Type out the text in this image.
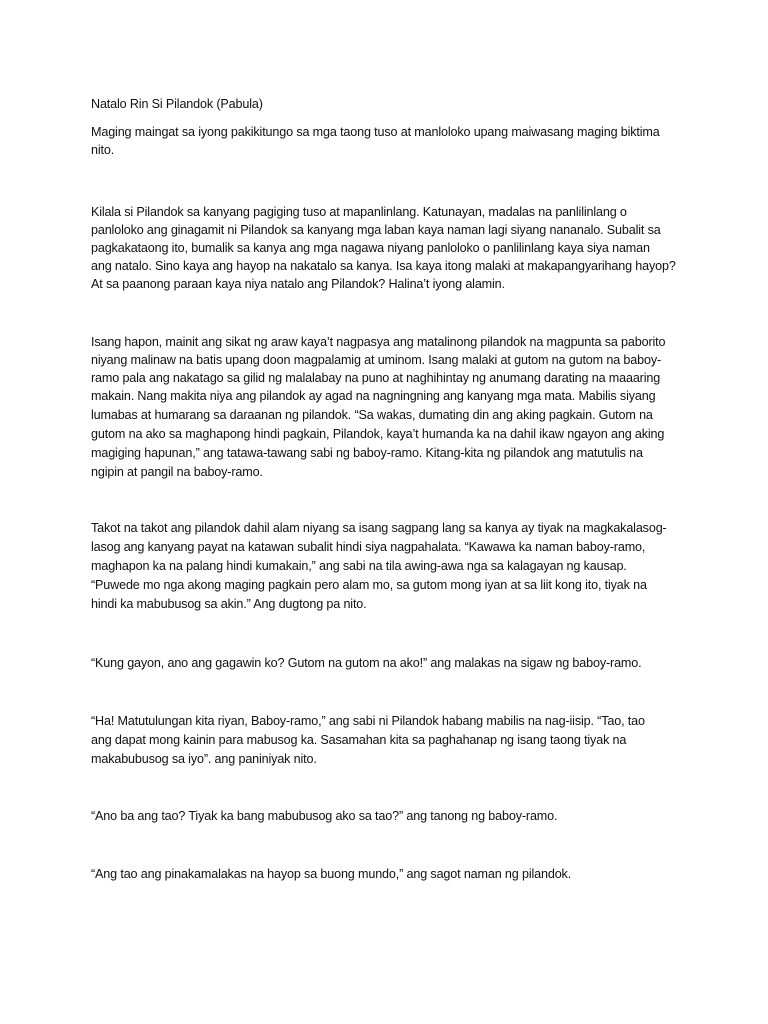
Natalo Rin Si Pilandok (Pabula)
Maging maingat sa iyong pakikitungo sa mga taong tuso at manloloko upang maiwasang maging biktima
nito.
Kilala si Pilandok sa kanyang pagiging tuso at mapanlinlang. Katunayan, madalas na panlilinlang o
panloloko ang ginagamit ni Pilandok sa kanyang mga laban kaya naman lagi siyang nananalo. Subalit sa
pagkakataong ito, bumalik sa kanya ang mga nagawa niyang panloloko o panlilinlang kaya siya naman
ang natalo. Sino kaya ang hayop na nakatalo sa kanya. Isa kaya itong malaki at makapangyarihang hayop?
At sa paanong paraan kaya niya natalo ang Pilandok? Halina’t iyong alamin.
Isang hapon, mainit ang sikat ng araw kaya’t nagpasya ang matalinong pilandok na magpunta sa paborito
niyang malinaw na batis upang doon magpalamig at uminom. Isang malaki at gutom na gutom na baboy-
ramo pala ang nakatago sa gilid ng malalabay na puno at naghihintay ng anumang darating na maaaring
makain. Nang makita niya ang pilandok ay agad na nagningning ang kanyang mga mata. Mabilis siyang
lumabas at humarang sa daraanan ng pilandok. “Sa wakas, dumating din ang aking pagkain. Gutom na
gutom na ako sa maghapong hindi pagkain, Pilandok, kaya’t humanda ka na dahil ikaw ngayon ang aking
magiging hapunan,” ang tatawa-tawang sabi ng baboy-ramo. Kitang-kita ng pilandok ang matutulis na
ngipin at pangil na baboy-ramo.
Takot na takot ang pilandok dahil alam niyang sa isang sagpang lang sa kanya ay tiyak na magkakalasog-
lasog ang kanyang payat na katawan subalit hindi siya nagpahalata. “Kawawa ka naman baboy-ramo,
maghapon ka na palang hindi kumakain,” ang sabi na tila awing-awa nga sa kalagayan ng kausap.
“Puwede mo nga akong maging pagkain pero alam mo, sa gutom mong iyan at sa liit kong ito, tiyak na
hindi ka mabubusog sa akin.” Ang dugtong pa nito.
“Kung gayon, ano ang gagawin ko? Gutom na gutom na ako!” ang malakas na sigaw ng baboy-ramo.
“Ha! Matutulungan kita riyan, Baboy-ramo,” ang sabi ni Pilandok habang mabilis na nag-iisip. “Tao, tao
ang dapat mong kainin para mabusog ka. Sasamahan kita sa paghahanap ng isang taong tiyak na
makabubusog sa iyo”. ang paniniyak nito.
“Ano ba ang tao? Tiyak ka bang mabubusog ako sa tao?” ang tanong ng baboy-ramo.
“Ang tao ang pinakamalakas na hayop sa buong mundo,” ang sagot naman ng pilandok.
